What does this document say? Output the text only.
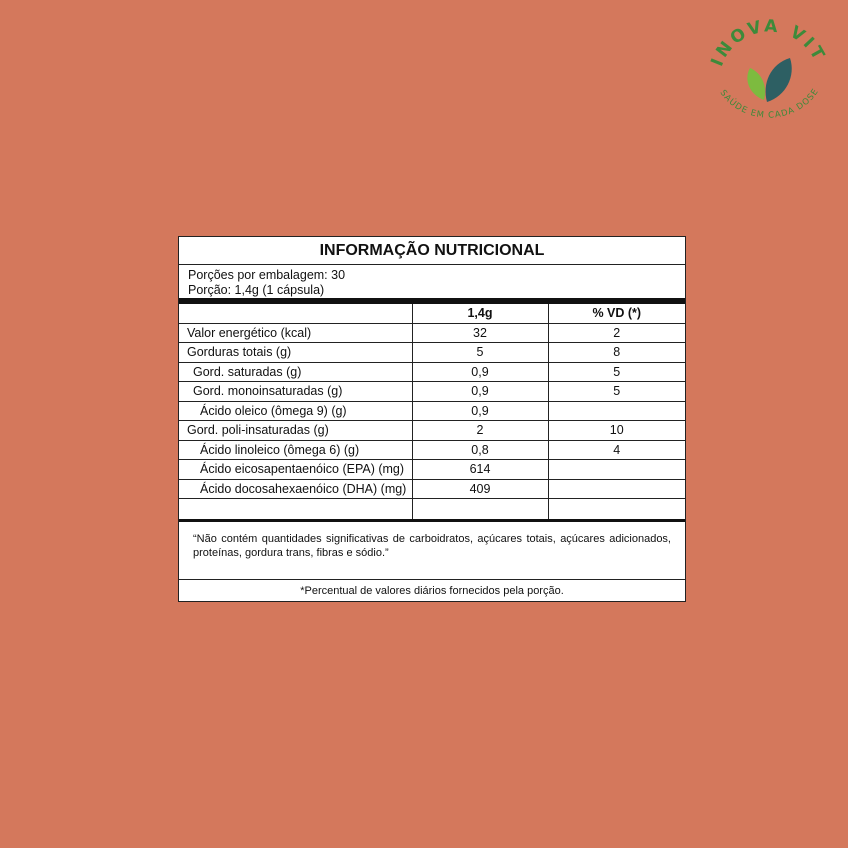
INOVA VIT
SAÚDE EM CADA DOSE
INFORMAÇÃO NUTRICIONAL
Porções por embalagem: 30
Porção: 1,4g (1 cápsula)
	1,4g	% VD (*)
Valor energético (kcal)	32	2
Gorduras totais (g)	5	8
Gord. saturadas (g)	0,9	5
Gord. monoinsaturadas (g)	0,9	5
Ácido oleico (ômega 9) (g)	0,9	
Gord. poli-insaturadas (g)	2	10
Ácido linoleico (ômega 6) (g)	0,8	4
Ácido eicosapentaenóico (EPA) (mg)	614	
Ácido docosahexaenóico (DHA) (mg)	409	

“Não contém quantidades significativas de carboidratos, açúcares totais, açúcares adicionados, proteínas, gordura trans, fibras e sódio.”
*Percentual de valores diários fornecidos pela porção.
